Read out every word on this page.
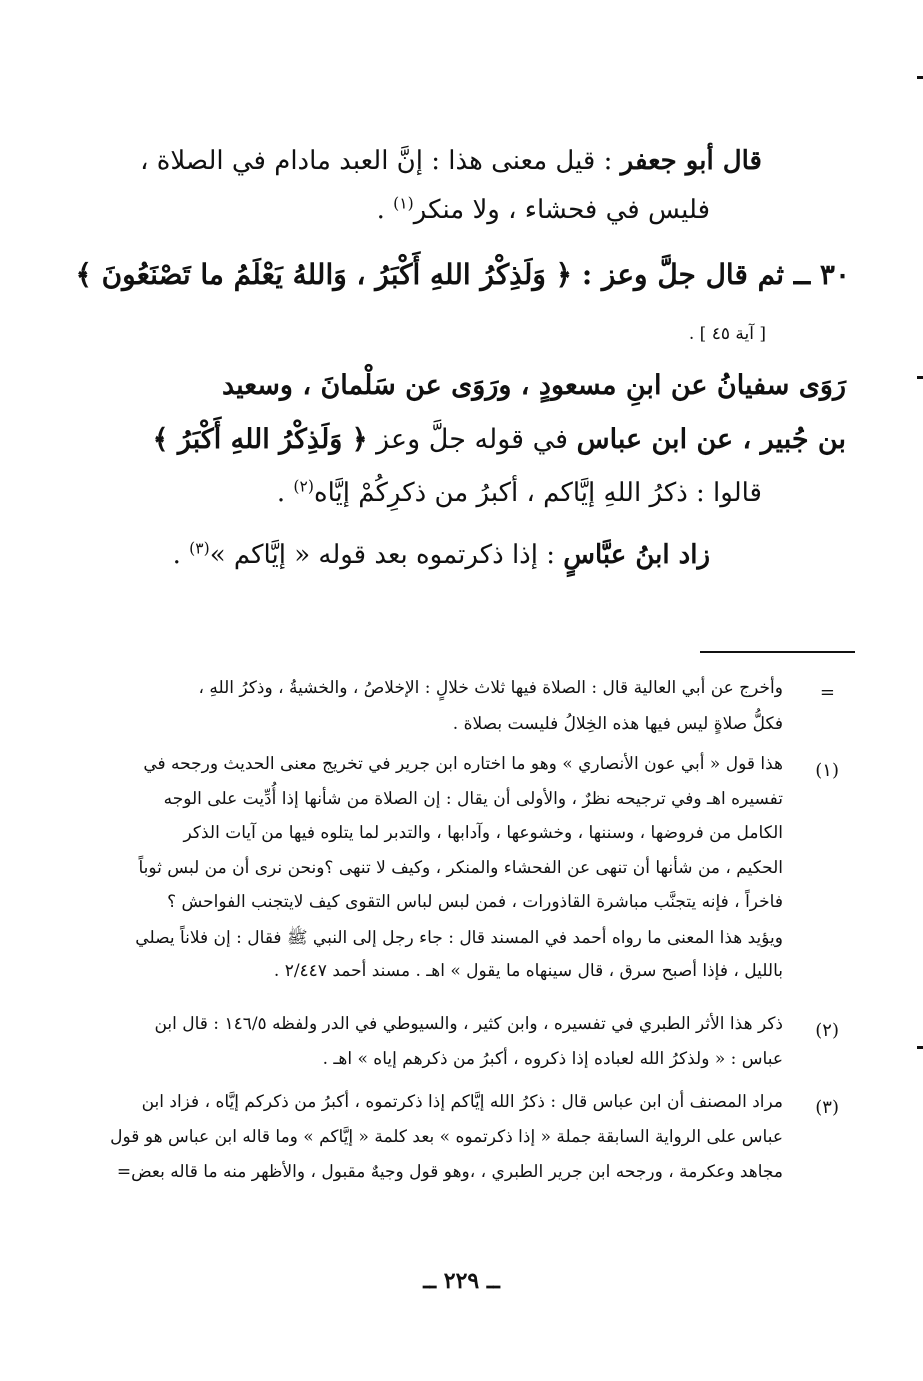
قال أبو جعفر : قيل معنى هذا : إنَّ العبد مادام في الصلاة ،
فليس في فحشاء ، ولا منكر$^{(١)}$ .
٣٠ ــ ثم قال جلَّ وعز : ﴿ وَلَذِكْرُ اللهِ أَكْبَرُ ، وَاللهُ يَعْلَمُ ما تَصْنَعُونَ ﴾
[ آية ٤٥ ] .
رَوَى سفيانُ عن ابنِ مسعودٍ ، ورَوَى عن سَلْمانَ ، وسعيد
بن جُبير ، عن ابن عباس في قوله جلَّ وعز ﴿ وَلَذِكْرُ اللهِ أَكْبَرُ ﴾
قالوا : ذكرُ اللهِ إيَّاكم ، أكبرُ من ذكرِكُمْ إيَّاه$^{(٢)}$ .
زاد ابنُ عبَّاسٍ : إذا ذكرتموه بعد قوله « إيَّاكم »$^{(٣)}$ .
=
وأخرج عن أبي العالية قال : الصلاة فيها ثلاث خلالٍ : الإخلاصُ ، والخشيةُ ، وذكرُ اللهِ ،
فكلُّ صلاةٍ ليس فيها هذه الخِلالُ فليست بصلاة .
(١)
هذا قول « أبي عون الأنصاري » وهو ما اختاره ابن جرير في تخريج معنى الحديث ورجحه في
تفسيره اهـ وفي ترجيحه نظرٌ ، والأولى أن يقال : إن الصلاة من شأنها إذا أُدِّيت على الوجه
الكامل من فروضها ، وسننها ، وخشوعها ، وآدابها ، والتدبر لما يتلوه فيها من آيات الذكر
الحكيم ، من شأنها أن تنهى عن الفحشاء والمنكر ، وكيف لا تنهى ؟ونحن نرى أن من لبس ثوباً
فاخراً ، فإنه يتجنَّب مباشرة القاذورات ، فمن لبس لباس التقوى كيف لايتجنب الفواحش ؟
ويؤيد هذا المعنى ما رواه أحمد في المسند قال : جاء رجل إلى النبي ﷺ فقال : إن فلاناً يصلي
بالليل ، فإذا أصبح سرق ، قال سينهاه ما يقول » اهـ . مسند أحمد ٢/٤٤٧ .
(٢)
ذكر هذا الأثر الطبري في تفسيره ، وابن كثير ، والسيوطي في الدر ولفظه ١٤٦/٥ : قال ابن
عباس : « ولذكرُ الله لعباده إذا ذكروه ، أكبرُ من ذكرهم إياه » اهـ .
(٣)
مراد المصنف أن ابن عباس قال : ذكرُ الله إيَّاكم إذا ذكرتموه ، أكبرُ من ذكركم إيَّاه ، فزاد ابن
عباس على الرواية السابقة جملة « إذا ذكرتموه » بعد كلمة « إيَّاكم » وما قاله ابن عباس هو قول
مجاهد وعكرمة ، ورجحه ابن جرير الطبري ، ،وهو قول وجيهٌ مقبول ، والأظهر منه ما قاله بعض=
ــ ٢٢٩ ــ
